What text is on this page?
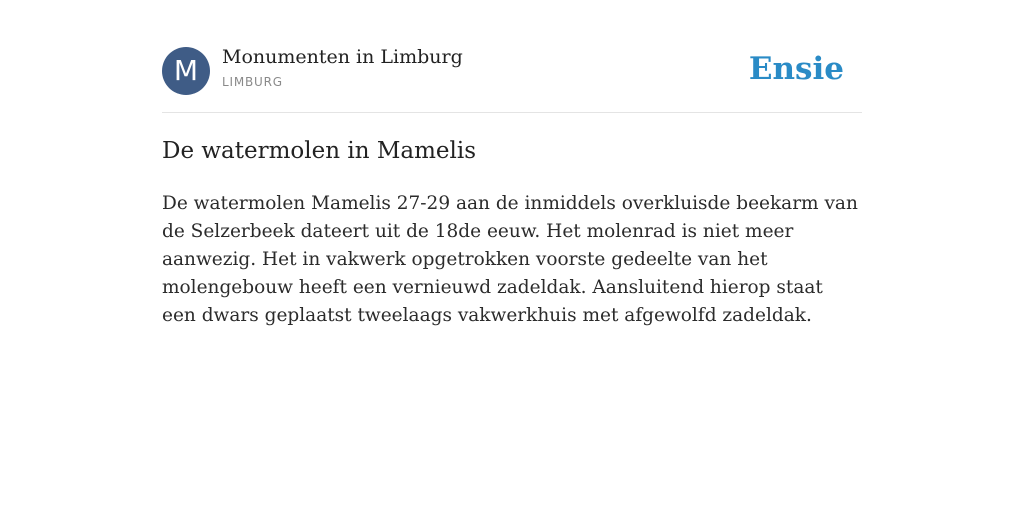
M	Monumenten in Limburg
LIMBURG	Ensie
De watermolen in Mamelis

De watermolen Mamelis 27-29 aan de inmiddels overkluisde beekarm van de Selzerbeek dateert uit de 18de eeuw. Het molenrad is niet meer aanwezig. Het in vakwerk opgetrokken voorste gedeelte van het molengebouw heeft een vernieuwd zadeldak. Aansluitend hierop staat een dwars geplaatst tweelaags vakwerkhuis met afgewolfd zadeldak.
